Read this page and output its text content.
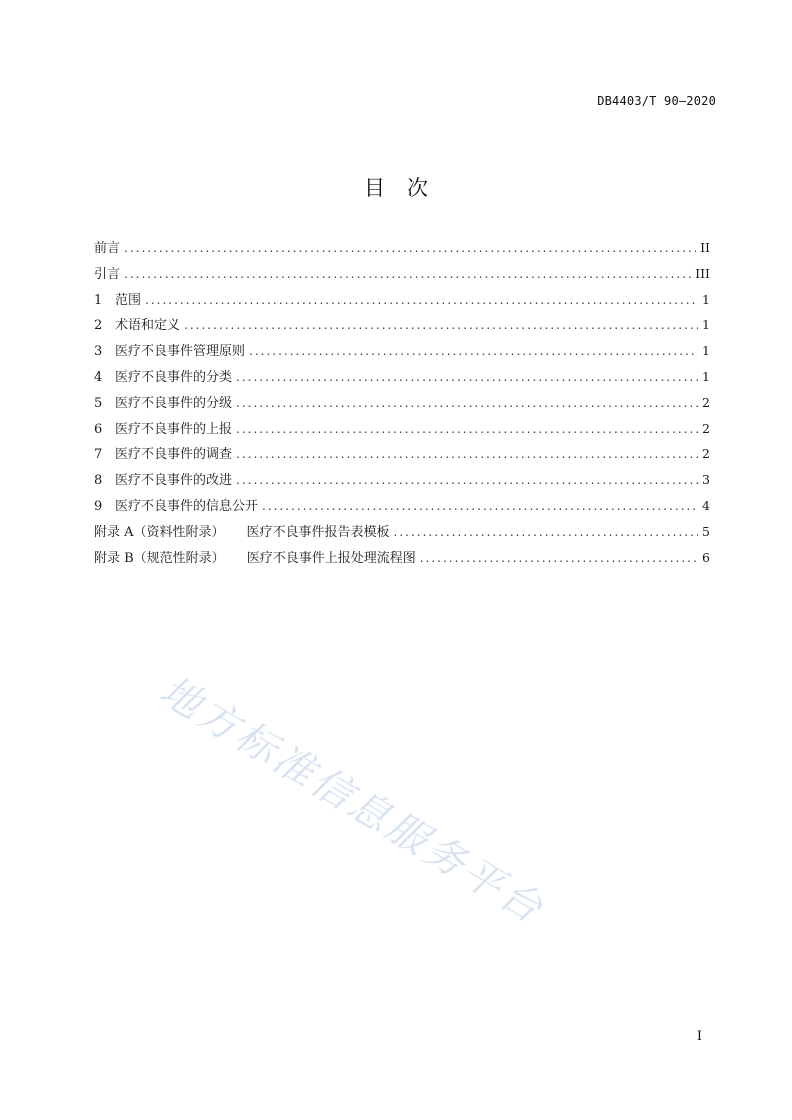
DB4403/T 90—2020
目次
前言 .....	II
引言 .....	III
1 范围 .....	1
2 术语和定义 .....	1
3 医疗不良事件管理原则 .....	1
4 医疗不良事件的分类 .....	1
5 医疗不良事件的分级 .....	2
6 医疗不良事件的上报 .....	2
7 医疗不良事件的调查 .....	2
8 医疗不良事件的改进 .....	3
9 医疗不良事件的信息公开 .....	4
附录 A（资料性附录） 医疗不良事件报告表模板 .....	5
附录 B（规范性附录） 医疗不良事件上报处理流程图 .....	6
地方标准信息服务平台
I
